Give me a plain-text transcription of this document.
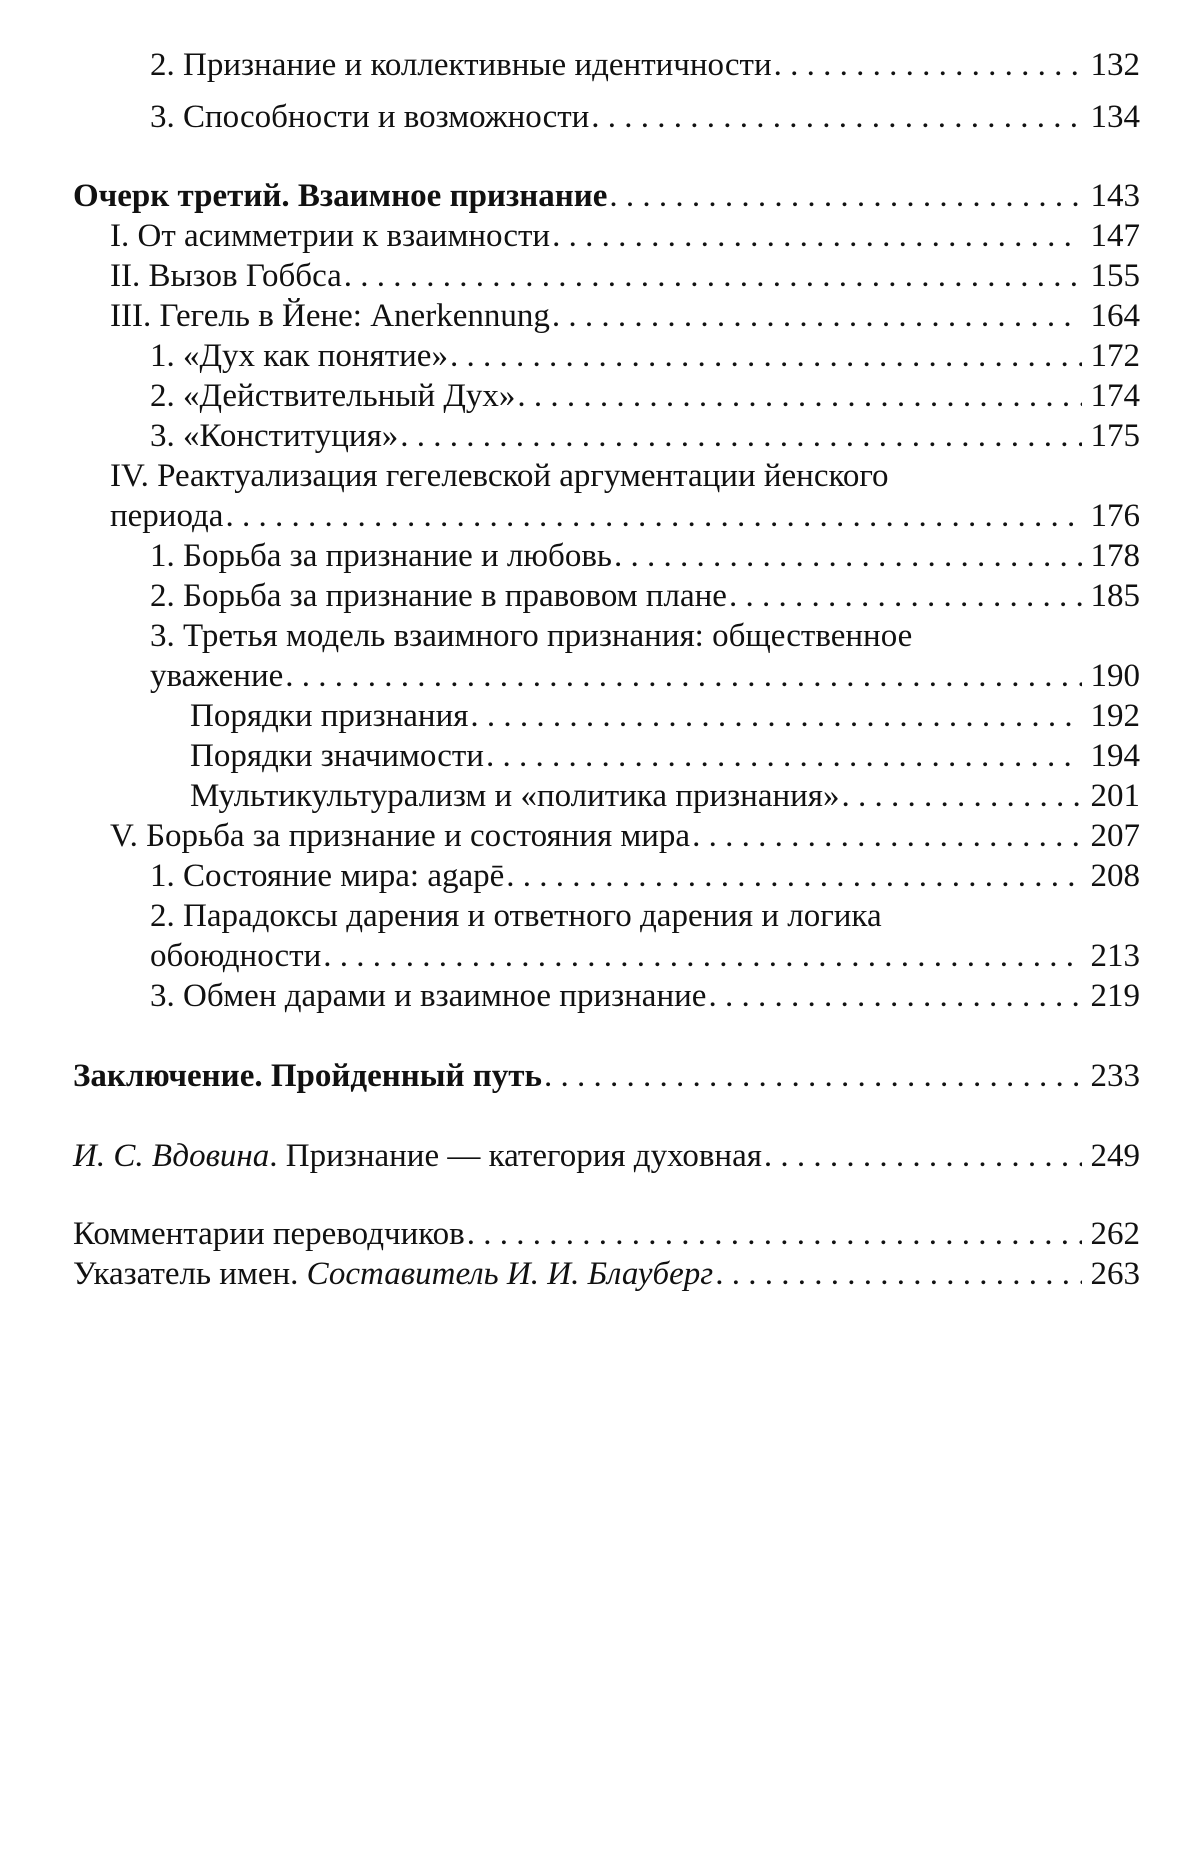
2. Признание и коллективные идентичности . . .	132
3. Способности и возможности . . .	134
Очерк третий. Взаимное признание . . .	143
I. От асимметрии к взаимности . . .	147
II. Вызов Гоббса . . .	155
III. Гегель в Йене: Anerkennung . . .	164
1. «Дух как понятие» . . .	172
2. «Действительный Дух» . . .	174
3. «Конституция» . . .	175
IV. Реактуализация гегелевской аргументации йенского
периода . . .	176
1. Борьба за признание и любовь . . .	178
2. Борьба за признание в правовом плане . . .	185
3. Третья модель взаимного признания: общественное
уважение . . .	190
Порядки признания . . .	192
Порядки значимости . . .	194
Мультикультурализм и «политика признания» . . .	201
V. Борьба за признание и состояния мира . . .	207
1. Состояние мира: agapē . . .	208
2. Парадоксы дарения и ответного дарения и логика
обоюдности . . .	213
3. Обмен дарами и взаимное признание . . .	219
Заключение. Пройденный путь . . .	233
И. С. Вдовина. Признание — категория духовная . . .	249
Комментарии переводчиков . . .	262
Указатель имен. Составитель И. И. Блауберг . . .	263
